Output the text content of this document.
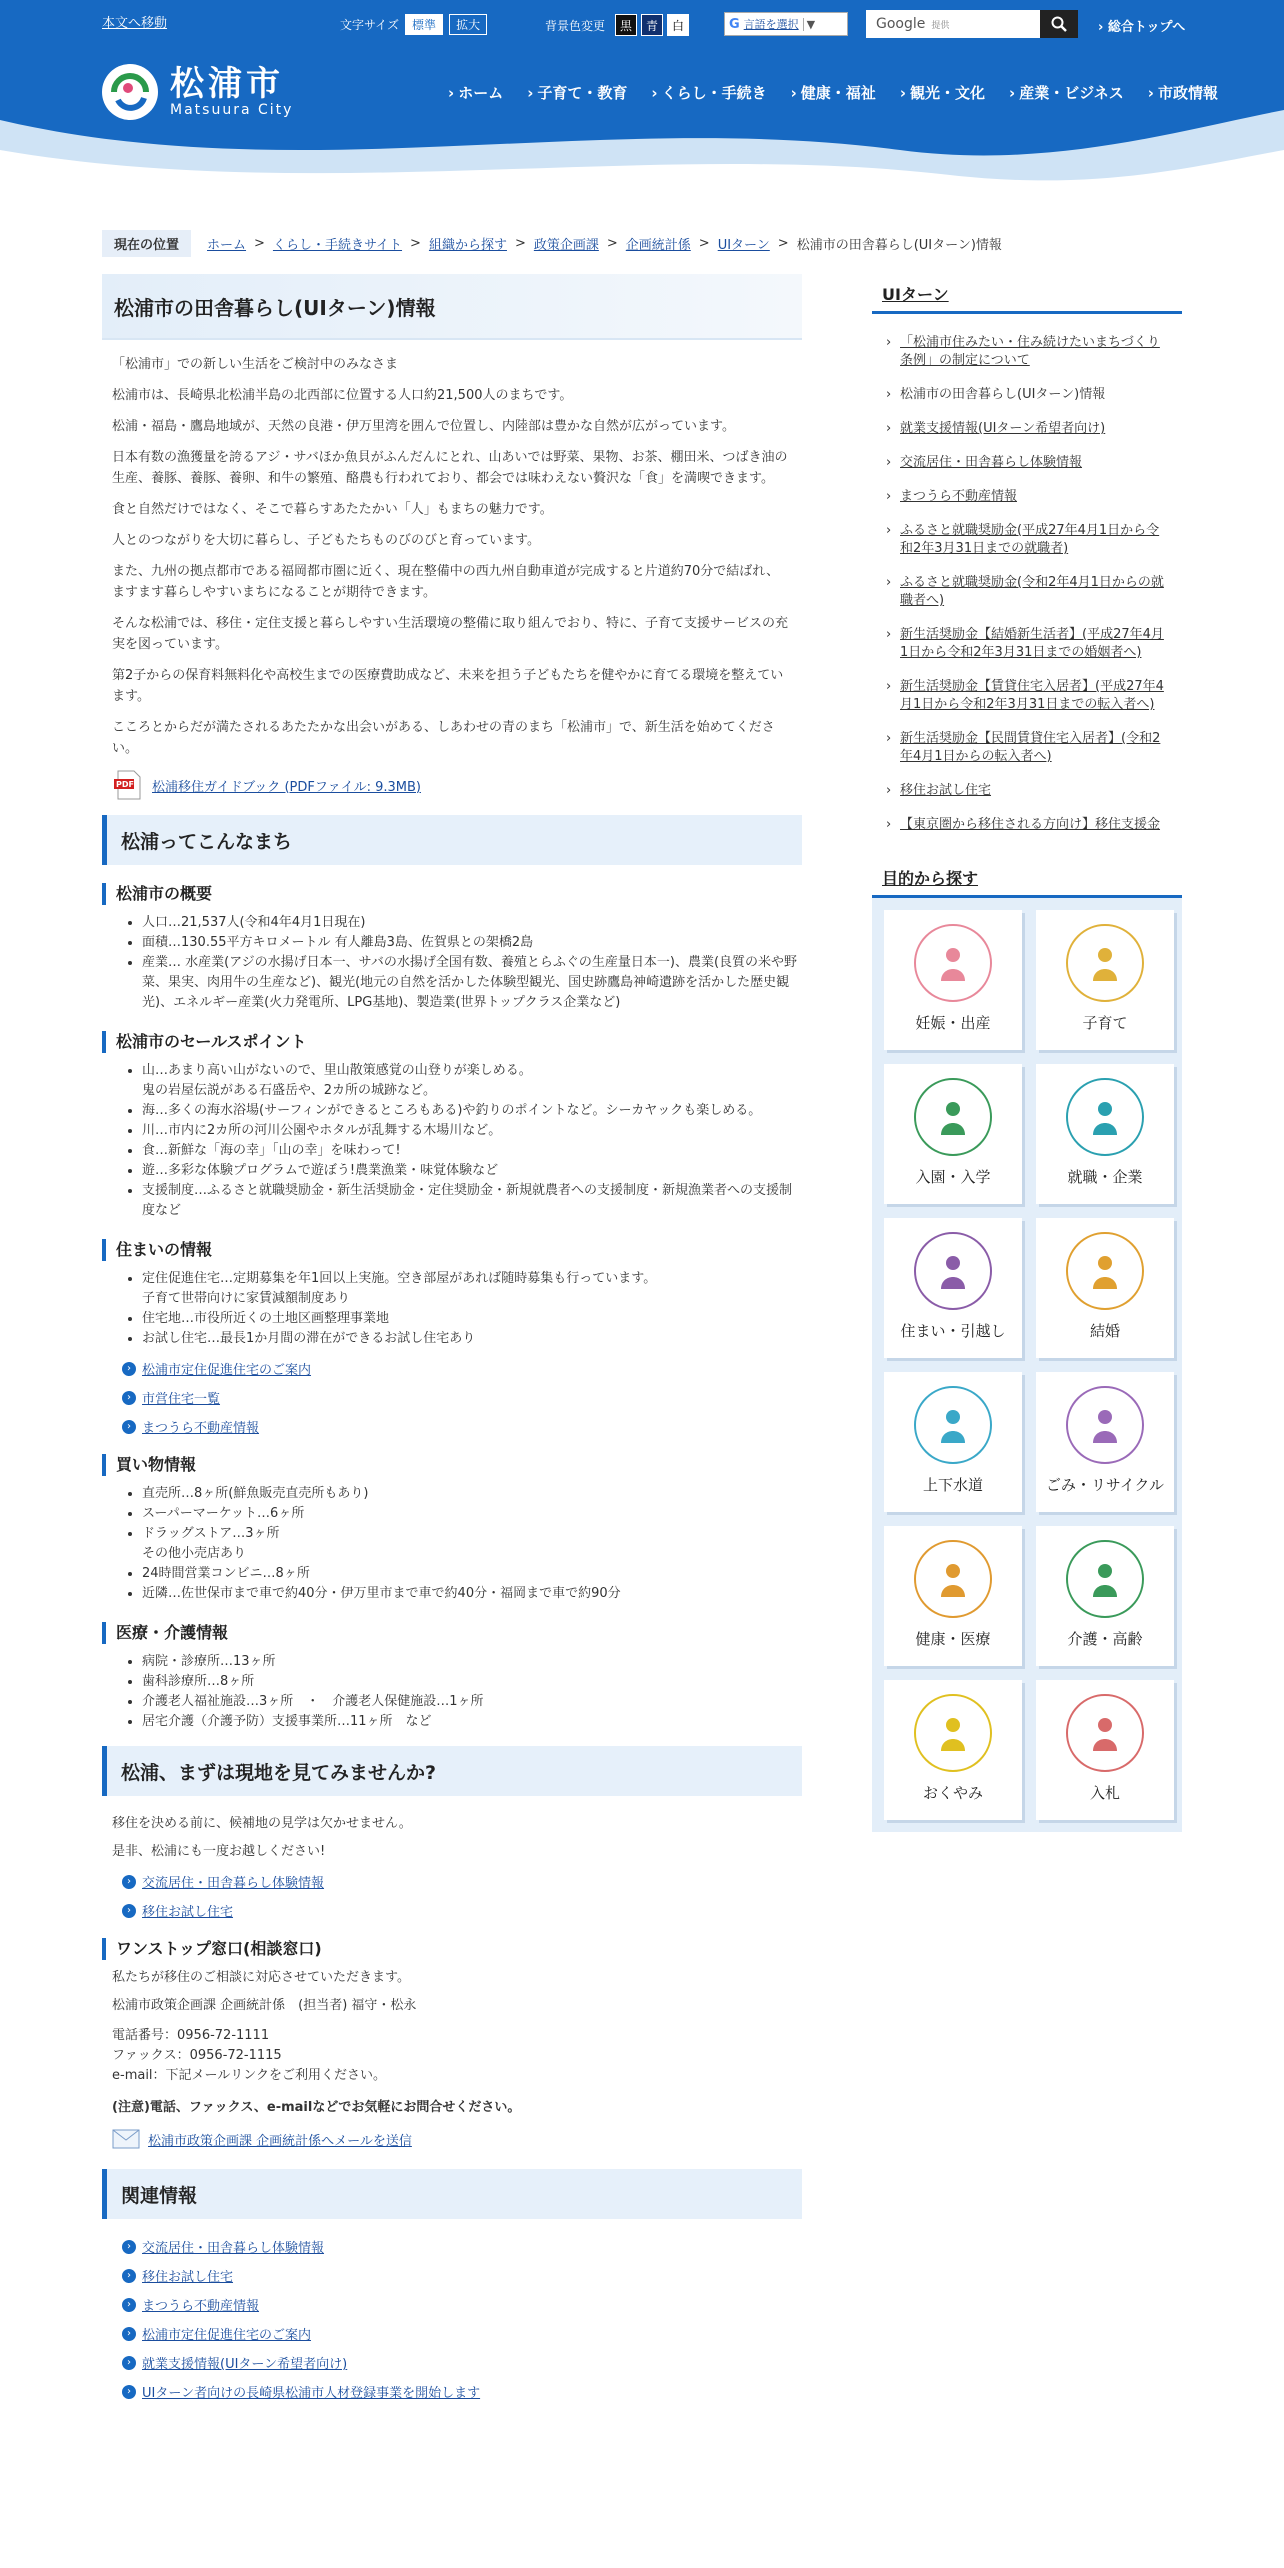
本文へ移動	文字サイズ	標準	拡大	背景色変更	黒	青	白	G 言語を選択 ▼	Google 提供	› 総合トップへ
松浦市
Matsuura City
› ホーム	› 子育て・教育	› くらし・手続き	› 健康・福祉	› 観光・文化	› 産業・ビジネス	› 市政情報
現在の位置	ホーム > くらし・手続きサイト > 組織から探す > 政策企画課 > 企画統計係 > UIターン > 松浦市の田舎暮らし(UIターン)情報
松浦市の田舎暮らし(UIターン)情報

「松浦市」での新しい生活をご検討中のみなさま

松浦市は、長崎県北松浦半島の北西部に位置する人口約21,500人のまちです。

松浦・福島・鷹島地域が、天然の良港・伊万里湾を囲んで位置し、内陸部は豊かな自然が広がっています。

日本有数の漁獲量を誇るアジ・サバほか魚貝がふんだんにとれ、山あいでは野菜、果物、お茶、棚田米、つばき油の生産、養豚、養豚、養卵、和牛の繁殖、酪農も行われており、都会では味わえない贅沢な「食」を満喫できます。

食と自然だけではなく、そこで暮らすあたたかい「人」もまちの魅力です。

人とのつながりを大切に暮らし、子どもたちものびのびと育っています。

また、九州の拠点都市である福岡都市圏に近く、現在整備中の西九州自動車道が完成すると片道約70分で結ばれ、ますます暮らしやすいまちになることが期待できます。

そんな松浦では、移住・定住支援と暮らしやすい生活環境の整備に取り組んでおり、特に、子育て支援サービスの充実を図っています。

第2子からの保育料無料化や高校生までの医療費助成など、未来を担う子どもたちを健やかに育てる環境を整えています。

こころとからだが満たされるあたたかな出会いがある、しあわせの青のまち「松浦市」で、新生活を始めてください。

PDF 松浦移住ガイドブック (PDFファイル: 9.3MB)
松浦ってこんなまち
松浦市の概要
• 人口…21,537人(令和4年4月1日現在)
• 面積…130.55平方キロメートル 有人離島3島、佐賀県との架橋2島
• 産業… 水産業(アジの水揚げ日本一、サバの水揚げ全国有数、養殖とらふぐの生産量日本一)、農業(良質の米や野菜、果実、肉用牛の生産など)、観光(地元の自然を活かした体験型観光、国史跡鷹島神崎遺跡を活かした歴史観光)、エネルギー産業(火力発電所、LPG基地)、製造業(世界トップクラス企業など)
松浦市のセールスポイント
• 山…あまり高い山がないので、里山散策感覚の山登りが楽しめる。
鬼の岩屋伝説がある石盛岳や、2カ所の城跡など。
• 海…多くの海水浴場(サーフィンができるところもある)や釣りのポイントなど。シーカヤックも楽しめる。
• 川…市内に2カ所の河川公園やホタルが乱舞する木場川など。
• 食…新鮮な「海の幸」「山の幸」を味わって!
• 遊…多彩な体験プログラムで遊ぼう!農業漁業・味覚体験など
• 支援制度…ふるさと就職奨励金・新生活奨励金・定住奨励金・新規就農者への支援制度・新規漁業者への支援制度など
住まいの情報
• 定住促進住宅…定期募集を年1回以上実施。空き部屋があれば随時募集も行っています。
子育て世帯向けに家賃減額制度あり
• 住宅地…市役所近くの土地区画整理事業地
• お試し住宅…最長1か月間の滞在ができるお試し住宅あり
› 松浦市定住促進住宅のご案内
› 市営住宅一覧
› まつうら不動産情報
買い物情報
• 直売所…8ヶ所(鮮魚販売直売所もあり)
• スーパーマーケット…6ヶ所
• ドラッグストア…3ヶ所
その他小売店あり
• 24時間営業コンビニ…8ヶ所
• 近隣…佐世保市まで車で約40分・伊万里市まで車で約40分・福岡まで車で約90分
医療・介護情報
• 病院・診療所…13ヶ所
• 歯科診療所…8ヶ所
• 介護老人福祉施設…3ヶ所　・　介護老人保健施設…1ヶ所
• 居宅介護（介護予防）支援事業所…11ヶ所　など
松浦、まずは現地を見てみませんか?

移住を決める前に、候補地の見学は欠かせません。

是非、松浦にも一度お越しください!

› 交流居住・田舎暮らし体験情報
› 移住お試し住宅
ワンストップ窓口(相談窓口)

私たちが移住のご相談に対応させていただきます。

松浦市政策企画課 企画統計係　(担当者) 福守・松永

電話番号：0956-72-1111

ファックス：0956-72-1115

e-mail：下記メールリンクをご利用ください。

(注意)電話、ファックス、e-mailなどでお気軽にお問合せください。

松浦市政策企画課 企画統計係へメールを送信
関連情報
› 交流居住・田舎暮らし体験情報
› 移住お試し住宅
› まつうら不動産情報
› 松浦市定住促進住宅のご案内
› 就業支援情報(UIターン希望者向け)
› UIターン者向けの長崎県松浦市人材登録事業を開始します
UIターン
› 「松浦市住みたい・住み続けたいまちづくり条例」の制定について
› 松浦市の田舎暮らし(UIターン)情報
› 就業支援情報(UIターン希望者向け)
› 交流居住・田舎暮らし体験情報
› まつうら不動産情報
› ふるさと就職奨励金(平成27年4月1日から令和2年3月31日までの就職者)
› ふるさと就職奨励金(令和2年4月1日からの就職者へ)
› 新生活奨励金【結婚新生活者】(平成27年4月1日から令和2年3月31日までの婚姻者へ)
› 新生活奨励金【賃貸住宅入居者】(平成27年4月1日から令和2年3月31日までの転入者へ)
› 新生活奨励金【民間賃貸住宅入居者】(令和2年4月1日からの転入者へ)
› 移住お試し住宅
› 【東京圏から移住される方向け】移住支援金
目的から探す
妊娠・出産	子育て
入園・入学	就職・企業
住まい・引越し	結婚
上下水道	ごみ・リサイクル
健康・医療	介護・高齢
おくやみ	入札
